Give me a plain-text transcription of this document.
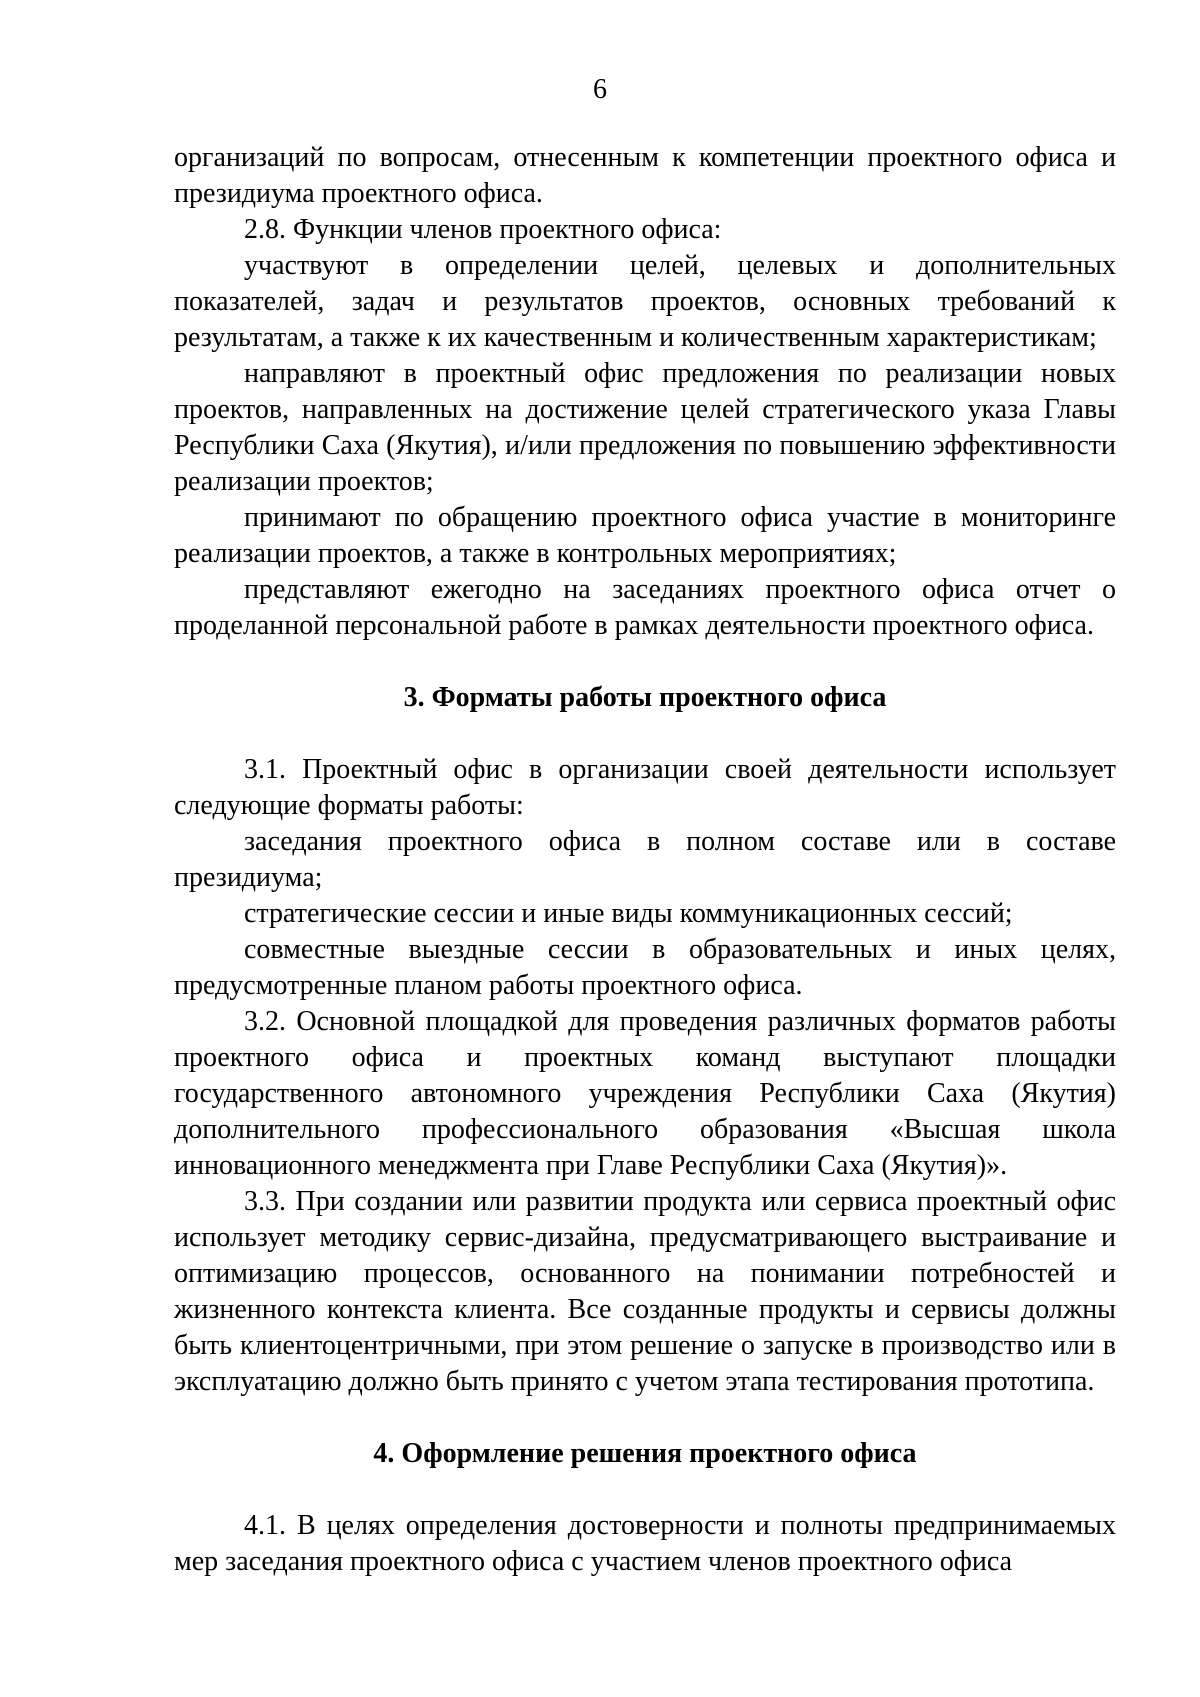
6

организаций по вопросам, отнесенным к компетенции проектного офиса и президиума проектного офиса.

2.8. Функции членов проектного офиса:

участвуют в определении целей, целевых и дополнительных показателей, задач и результатов проектов, основных требований к результатам, а также к их качественным и количественным характеристикам;

направляют в проектный офис предложения по реализации новых проектов, направленных на достижение целей стратегического указа Главы Республики Саха (Якутия), и/или предложения по повышению эффективности реализации проектов;

принимают по обращению проектного офиса участие в мониторинге реализации проектов, а также в контрольных мероприятиях;

представляют ежегодно на заседаниях проектного офиса отчет о проделанной персональной работе в рамках деятельности проектного офиса.

3. Форматы работы проектного офиса

3.1. Проектный офис в организации своей деятельности использует следующие форматы работы:

заседания проектного офиса в полном составе или в составе президиума;

стратегические сессии и иные виды коммуникационных сессий;

совместные выездные сессии в образовательных и иных целях, предусмотренные планом работы проектного офиса.

3.2. Основной площадкой для проведения различных форматов работы проектного офиса и проектных команд выступают площадки государственного автономного учреждения Республики Саха (Якутия) дополнительного профессионального образования «Высшая школа инновационного менеджмента при Главе Республики Саха (Якутия)».

3.3. При создании или развитии продукта или сервиса проектный офис использует методику сервис-дизайна, предусматривающего выстраивание и оптимизацию процессов, основанного на понимании потребностей и жизненного контекста клиента. Все созданные продукты и сервисы должны быть клиентоцентричными, при этом решение о запуске в производство или в эксплуатацию должно быть принято с учетом этапа тестирования прототипа.

4. Оформление решения проектного офиса

4.1. В целях определения достоверности и полноты предпринимаемых мер заседания проектного офиса с участием членов проектного офиса
